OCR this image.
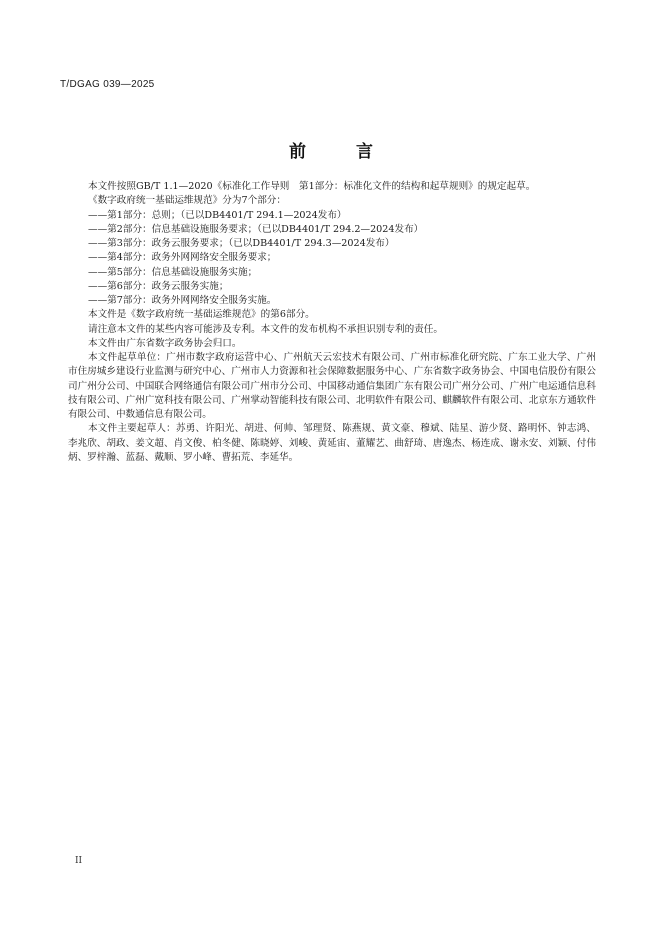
T/DGAG 039—2025
前 言

本文件按照GB/T 1.1—2020《标准化工作导则　第1部分：标准化文件的结构和起草规则》的规定起草。

《数字政府统一基础运维规范》分为7个部分：

——第1部分：总则；（已以DB4401/T 294.1—2024发布）

——第2部分：信息基础设施服务要求；（已以DB4401/T 294.2—2024发布）

——第3部分：政务云服务要求；（已以DB4401/T 294.3—2024发布）

——第4部分：政务外网网络安全服务要求；

——第5部分：信息基础设施服务实施；

——第6部分：政务云服务实施；

——第7部分：政务外网网络安全服务实施。

本文件是《数字政府统一基础运维规范》的第6部分。

请注意本文件的某些内容可能涉及专利。本文件的发布机构不承担识别专利的责任。

本文件由广东省数字政务协会归口。

本文件起草单位：广州市数字政府运营中心、广州航天云宏技术有限公司、广州市标准化研究院、广东工业大学、广州市住房城乡建设行业监测与研究中心、广州市人力资源和社会保障数据服务中心、广东省数字政务协会、中国电信股份有限公司广州分公司、中国联合网络通信有限公司广州市分公司、中国移动通信集团广东有限公司广州分公司、广州广电运通信息科技有限公司、广州广宽科技有限公司、广州掌动智能科技有限公司、北明软件有限公司、麒麟软件有限公司、北京东方通软件有限公司、中数通信息有限公司。

本文件主要起草人：苏勇、许阳光、胡进、何帅、邹理贤、陈燕规、黄文豪、穆斌、陆星、游少贤、路明怀、钟志鸿、李兆欣、胡政、姜文超、肖文俊、柏冬健、陈晓婷、刘峻、黄延宙、董耀艺、曲舒琦、唐逸杰、杨连成、谢永安、刘颖、付伟炳、罗梓瀚、蓝磊、戴顺、罗小峰、曹拓荒、李延华。

II
